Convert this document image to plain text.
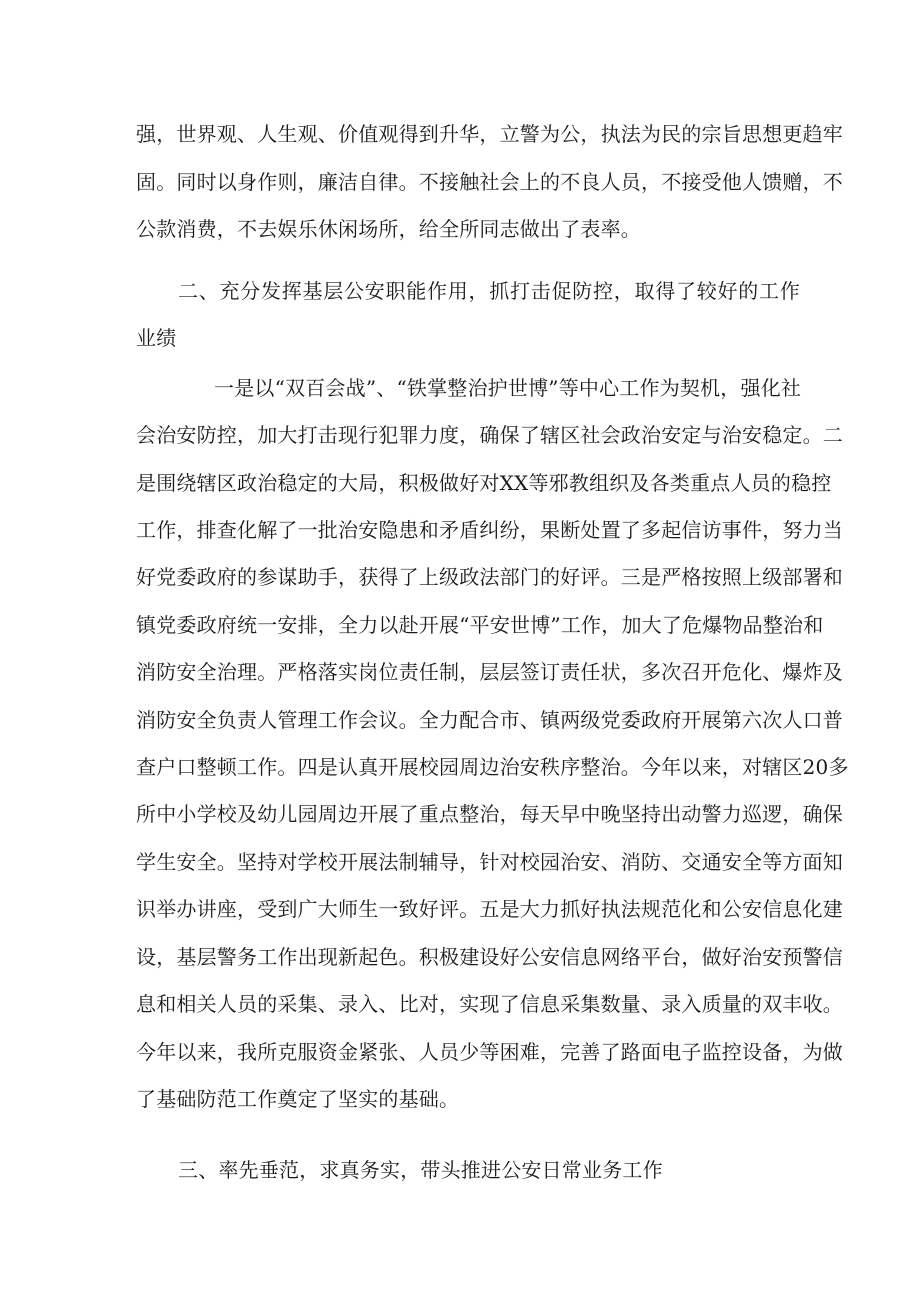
强，世界观、人生观、价值观得到升华，立警为公，执法为民的宗旨思想更趋牢
固。同时以身作则，廉洁自律。不接触社会上的不良人员，不接受他人馈赠，不
公款消费，不去娱乐休闲场所，给全所同志做出了表率。
二、充分发挥基层公安职能作用，抓打击促防控，取得了较好的工作
业绩
一是以“双百会战”、“铁掌整治护世博”等中心工作为契机，强化社
会治安防控，加大打击现行犯罪力度，确保了辖区社会政治安定与治安稳定。二
是围绕辖区政治稳定的大局，积极做好对XX等邪教组织及各类重点人员的稳控
工作，排查化解了一批治安隐患和矛盾纠纷，果断处置了多起信访事件，努力当
好党委政府的参谋助手，获得了上级政法部门的好评。三是严格按照上级部署和
镇党委政府统一安排，全力以赴开展“平安世博”工作，加大了危爆物品整治和
消防安全治理。严格落实岗位责任制，层层签订责任状，多次召开危化、爆炸及
消防安全负责人管理工作会议。全力配合市、镇两级党委政府开展第六次人口普
查户口整顿工作。四是认真开展校园周边治安秩序整治。今年以来，对辖区20多
所中小学校及幼儿园周边开展了重点整治，每天早中晚坚持出动警力巡逻，确保
学生安全。坚持对学校开展法制辅导，针对校园治安、消防、交通安全等方面知
识举办讲座，受到广大师生一致好评。五是大力抓好执法规范化和公安信息化建
设，基层警务工作出现新起色。积极建设好公安信息网络平台，做好治安预警信
息和相关人员的采集、录入、比对，实现了信息采集数量、录入质量的双丰收。
今年以来，我所克服资金紧张、人员少等困难，完善了路面电子监控设备，为做
了基础防范工作奠定了坚实的基础。
三、率先垂范，求真务实，带头推进公安日常业务工作
